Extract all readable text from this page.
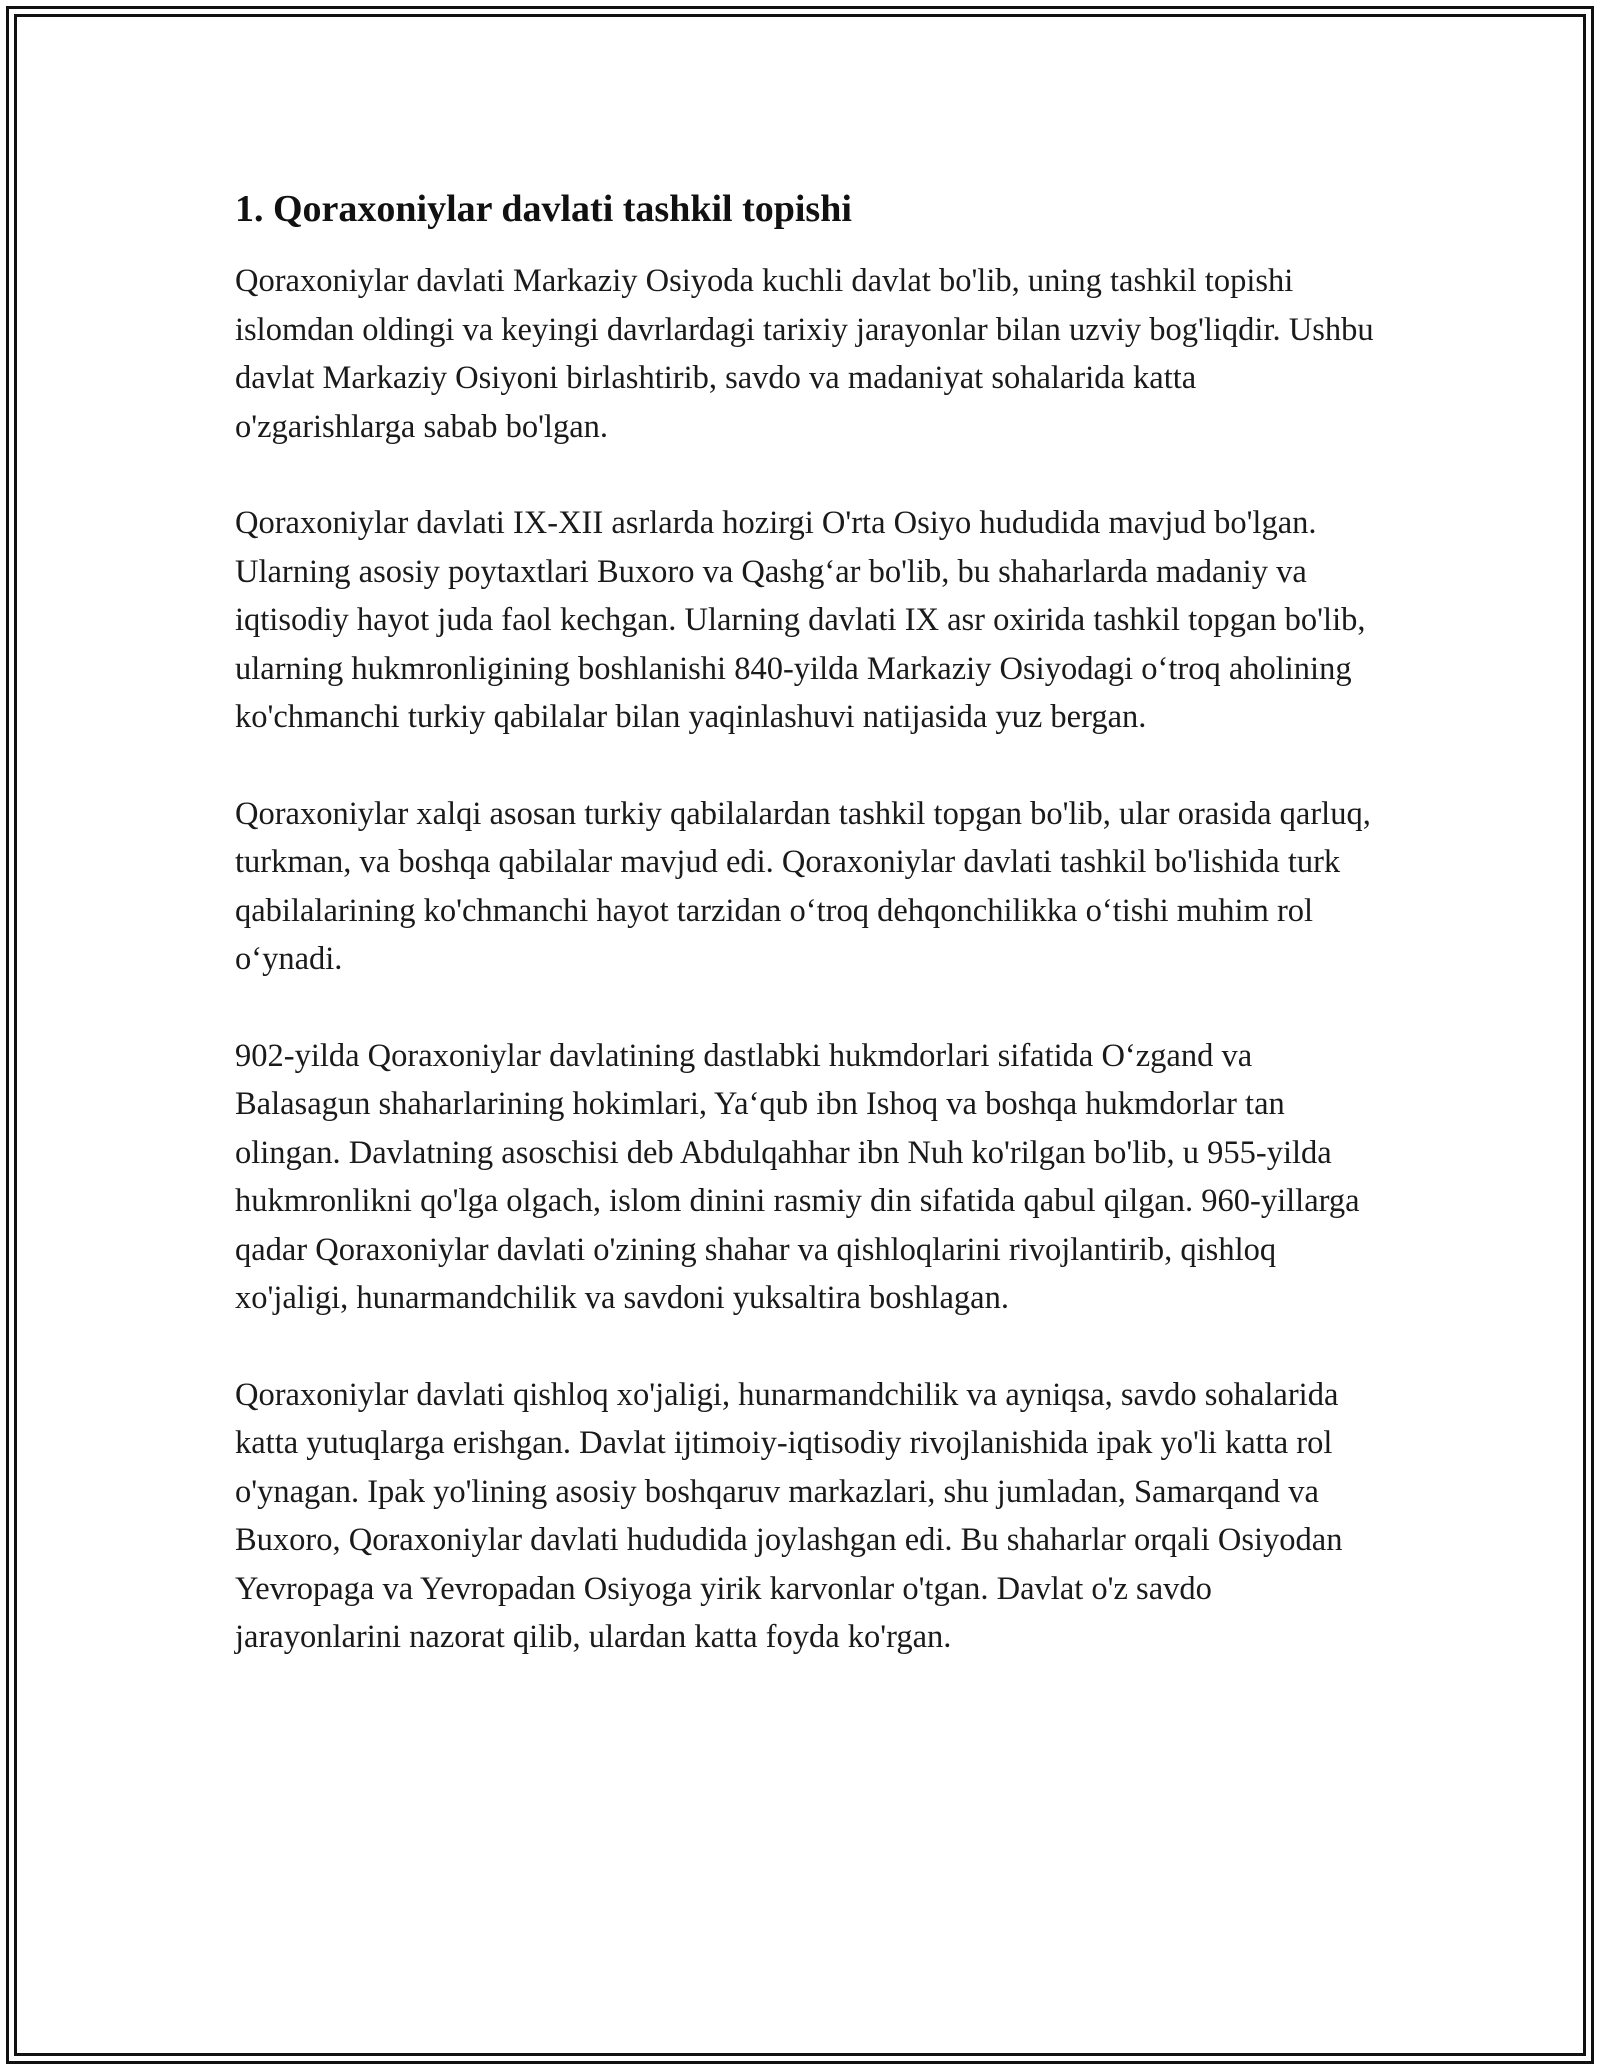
1. Qoraxoniylar davlati tashkil topishi

Qoraxoniylar davlati Markaziy Osiyoda kuchli davlat bo'lib, uning tashkil topishi islomdan oldingi va keyingi davrlardagi tarixiy jarayonlar bilan uzviy bog'liqdir. Ushbu davlat Markaziy Osiyoni birlashtirib, savdo va madaniyat sohalarida katta o'zgarishlarga sabab bo'lgan.

Qoraxoniylar davlati IX-XII asrlarda hozirgi O'rta Osiyo hududida mavjud bo'lgan. Ularning asosiy poytaxtlari Buxoro va Qashg‘ar bo'lib, bu shaharlarda madaniy va iqtisodiy hayot juda faol kechgan. Ularning davlati IX asr oxirida tashkil topgan bo'lib, ularning hukmronligining boshlanishi 840-yilda Markaziy Osiyodagi o‘troq aholining ko'chmanchi turkiy qabilalar bilan yaqinlashuvi natijasida yuz bergan.

Qoraxoniylar xalqi asosan turkiy qabilalardan tashkil topgan bo'lib, ular orasida qarluq, turkman, va boshqa qabilalar mavjud edi. Qoraxoniylar davlati tashkil bo'lishida turk qabilalarining ko'chmanchi hayot tarzidan o‘troq dehqonchilikka o‘tishi muhim rol o‘ynadi.

902-yilda Qoraxoniylar davlatining dastlabki hukmdorlari sifatida O‘zgand va Balasagun shaharlarining hokimlari, Ya‘qub ibn Ishoq va boshqa hukmdorlar tan olingan. Davlatning asoschisi deb Abdulqahhar ibn Nuh ko'rilgan bo'lib, u 955-yilda hukmronlikni qo'lga olgach, islom dinini rasmiy din sifatida qabul qilgan. 960-yillarga qadar Qoraxoniylar davlati o'zining shahar va qishloqlarini rivojlantirib, qishloq xo'jaligi, hunarmandchilik va savdoni yuksaltira boshlagan.

Qoraxoniylar davlati qishloq xo'jaligi, hunarmandchilik va ayniqsa, savdo sohalarida katta yutuqlarga erishgan. Davlat ijtimoiy-iqtisodiy rivojlanishida ipak yo'li katta rol o'ynagan. Ipak yo'lining asosiy boshqaruv markazlari, shu jumladan, Samarqand va Buxoro, Qoraxoniylar davlati hududida joylashgan edi. Bu shaharlar orqali Osiyodan Yevropaga va Yevropadan Osiyoga yirik karvonlar o'tgan. Davlat o'z savdo jarayonlarini nazorat qilib, ulardan katta foyda ko'rgan.
